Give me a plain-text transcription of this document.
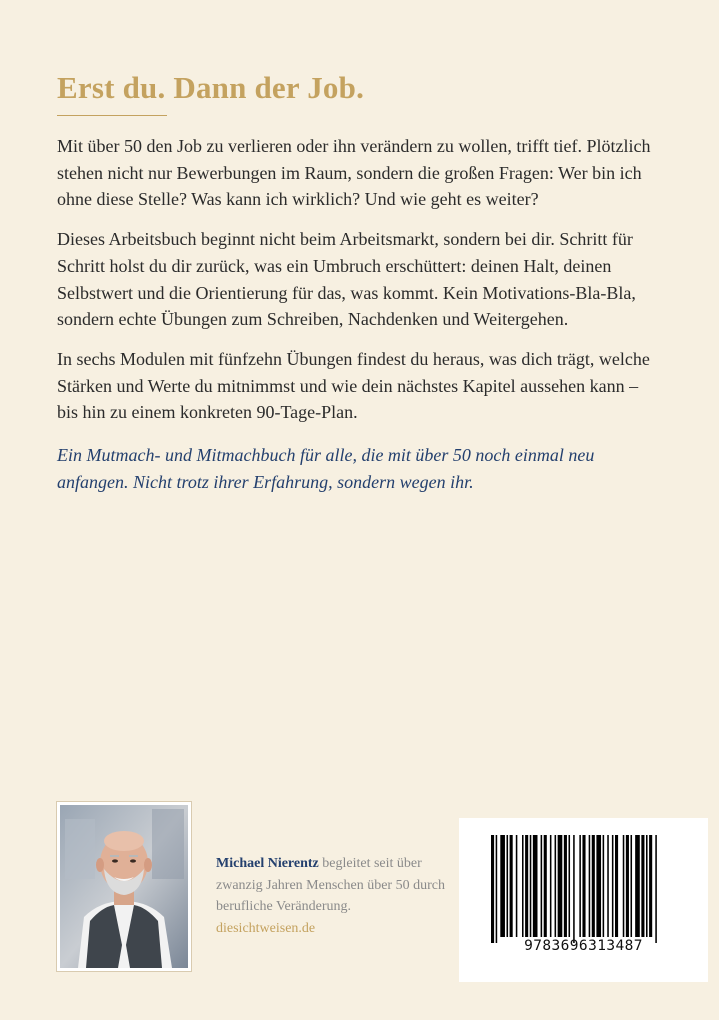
Erst du. Dann der Job.

Mit über 50 den Job zu verlieren oder ihn verändern zu wollen, trifft tief. Plötzlich stehen nicht nur Bewerbungen im Raum, sondern die großen Fragen: Wer bin ich ohne diese Stelle? Was kann ich wirklich? Und wie geht es weiter?

Dieses Arbeitsbuch beginnt nicht beim Arbeitsmarkt, sondern bei dir. Schritt für Schritt holst du dir zurück, was ein Umbruch erschüttert: deinen Halt, deinen Selbstwert und die Orientierung für das, was kommt. Kein Motivations-Bla-Bla, sondern echte Übungen zum Schreiben, Nachdenken und Weitergehen.

In sechs Modulen mit fünfzehn Übungen findest du heraus, was dich trägt, welche Stärken und Werte du mitnimmst und wie dein nächstes Kapitel aussehen kann – bis hin zu einem konkreten 90-Tage-Plan.

Ein Mutmach- und Mitmachbuch für alle, die mit über 50 noch einmal neu anfangen. Nicht trotz ihrer Erfahrung, sondern wegen ihr.

Michael Nierentz begleitet seit über zwanzig Jahren Menschen über 50 durch berufliche Veränderung.
diesichtweisen.de
9783696313487
